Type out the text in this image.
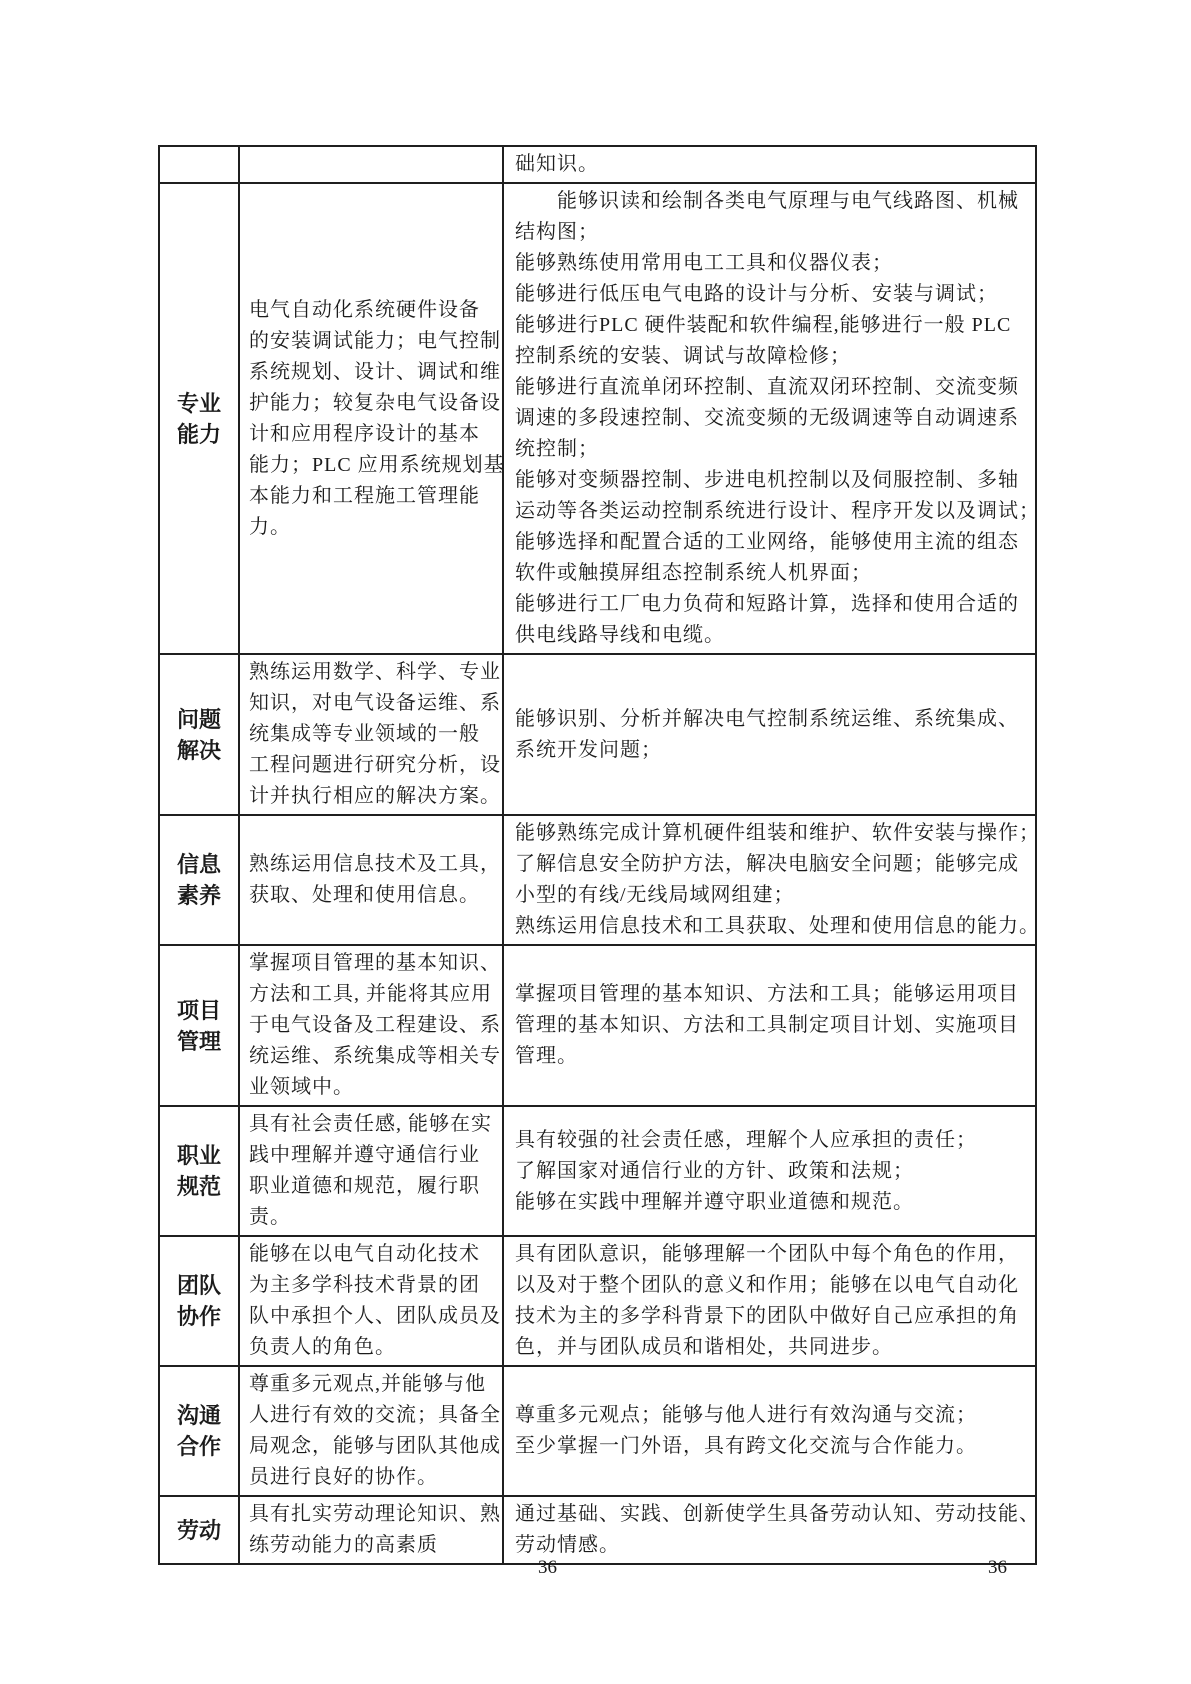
础知识。
专业
能力
电气自动化系统硬件设备
的安装调试能力；电气控制
系统规划、设计、调试和维
护能力；较复杂电气设备设
计和应用程序设计的基本
能力；PLC 应用系统规划基
本能力和工程施工管理能
力。
　　能够识读和绘制各类电气原理与电气线路图、机械
结构图；
能够熟练使用常用电工工具和仪器仪表；
能够进行低压电气电路的设计与分析、安装与调试；
能够进行PLC 硬件装配和软件编程,能够进行一般 PLC
控制系统的安装、调试与故障检修；
能够进行直流单闭环控制、直流双闭环控制、交流变频
调速的多段速控制、交流变频的无级调速等自动调速系
统控制；
能够对变频器控制、步进电机控制以及伺服控制、多轴
运动等各类运动控制系统进行设计、程序开发以及调试；
能够选择和配置合适的工业网络，能够使用主流的组态
软件或触摸屏组态控制系统人机界面；
能够进行工厂电力负荷和短路计算，选择和使用合适的
供电线路导线和电缆。
问题
解决
熟练运用数学、科学、专业
知识，对电气设备运维、系
统集成等专业领域的一般
工程问题进行研究分析，设
计并执行相应的解决方案。
能够识别、分析并解决电气控制系统运维、系统集成、
系统开发问题；
信息
素养
熟练运用信息技术及工具，
获取、处理和使用信息。
能够熟练完成计算机硬件组装和维护、软件安装与操作；
了解信息安全防护方法，解决电脑安全问题；能够完成
小型的有线/无线局域网组建；
熟练运用信息技术和工具获取、处理和使用信息的能力。
项目
管理
掌握项目管理的基本知识、
方法和工具, 并能将其应用
于电气设备及工程建设、系
统运维、系统集成等相关专
业领域中。
掌握项目管理的基本知识、方法和工具；能够运用项目
管理的基本知识、方法和工具制定项目计划、实施项目
管理。
职业
规范
具有社会责任感, 能够在实
践中理解并遵守通信行业
职业道德和规范，履行职
责。
具有较强的社会责任感，理解个人应承担的责任；
了解国家对通信行业的方针、政策和法规；
能够在实践中理解并遵守职业道德和规范。
团队
协作
能够在以电气自动化技术
为主多学科技术背景的团
队中承担个人、团队成员及
负责人的角色。
具有团队意识，能够理解一个团队中每个角色的作用，
以及对于整个团队的意义和作用；能够在以电气自动化
技术为主的多学科背景下的团队中做好自己应承担的角
色，并与团队成员和谐相处，共同进步。
沟通
合作
尊重多元观点,并能够与他
人进行有效的交流；具备全
局观念，能够与团队其他成
员进行良好的协作。
尊重多元观点；能够与他人进行有效沟通与交流；
至少掌握一门外语，具有跨文化交流与合作能力。
劳动
具有扎实劳动理论知识、熟
练劳动能力的高素质
通过基础、实践、创新使学生具备劳动认知、劳动技能、
劳动情感。
36	36
